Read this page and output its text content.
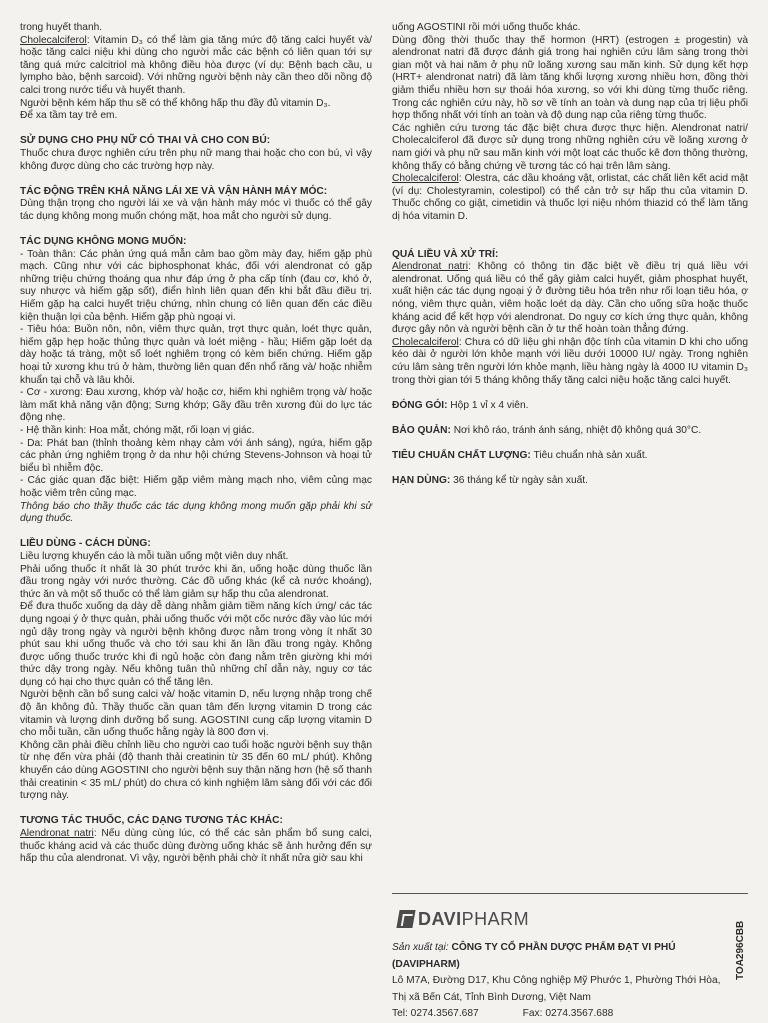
trong huyết thanh.

Cholecalciferol: Vitamin D₃ có thể làm gia tăng mức độ tăng calci huyết và/ hoặc tăng calci niệu khi dùng cho người mắc các bệnh có liên quan tới sự tăng quá mức calcitriol mà không điều hòa được (ví dụ: Bệnh bạch cầu, u lympho bào, bệnh sarcoid). Với những người bệnh này cần theo dõi nồng độ calci trong nước tiểu và huyết thanh.

Người bệnh kém hấp thu sẽ có thể không hấp thu đầy đủ vitamin D₃.

Để xa tầm tay trẻ em.

SỬ DỤNG CHO PHỤ NỮ CÓ THAI VÀ CHO CON BÚ:

Thuốc chưa được nghiên cứu trên phụ nữ mang thai hoặc cho con bú, vì vậy không được dùng cho các trường hợp này.

TÁC ĐỘNG TRÊN KHẢ NĂNG LÁI XE VÀ VẬN HÀNH MÁY MÓC:

Dùng thận trọng cho người lái xe và vận hành máy móc vì thuốc có thể gây tác dụng không mong muốn chóng mặt, hoa mắt cho người sử dụng.

TÁC DỤNG KHÔNG MONG MUỐN:

- Toàn thân: Các phản ứng quá mẫn cảm bao gồm mày đay, hiếm gặp phù mạch. Cũng như với các biphosphonat khác, đối với alendronat có gặp những triệu chứng thoáng qua như đáp ứng ở pha cấp tính (đau cơ, khó ở, suy nhược và hiếm gặp sốt), điển hình liên quan đến khi bắt đầu điều trị. Hiếm gặp hạ calci huyết triệu chứng, nhìn chung có liên quan đến các điều kiện thuận lợi của bệnh. Hiếm gặp phù ngoại vi.

- Tiêu hóa: Buồn nôn, nôn, viêm thực quản, trợt thực quản, loét thực quản, hiếm gặp hẹp hoặc thủng thực quản và loét miệng - hầu; Hiếm gặp loét dạ dày hoặc tá tràng, một số loét nghiêm trọng có kèm biến chứng. Hiếm gặp hoại tử xương khu trú ở hàm, thường liên quan đến nhổ răng và/ hoặc nhiễm khuẩn tại chỗ và lâu khỏi.

- Cơ - xương: Đau xương, khớp và/ hoặc cơ, hiếm khi nghiêm trọng và/ hoặc làm mất khả năng vận động; Sưng khớp; Gãy đầu trên xương đùi do lực tác động nhẹ.

- Hệ thần kinh: Hoa mắt, chóng mặt, rối loạn vị giác.

- Da: Phát ban (thỉnh thoảng kèm nhạy cảm với ánh sáng), ngứa, hiếm gặp các phản ứng nghiêm trọng ở da như hội chứng Stevens-Johnson và hoại tử biểu bì nhiễm độc.

- Các giác quan đặc biệt: Hiếm gặp viêm màng mạch nho, viêm củng mạc hoặc viêm trên củng mạc.

Thông báo cho thầy thuốc các tác dụng không mong muốn gặp phải khi sử dụng thuốc.

LIỀU DÙNG - CÁCH DÙNG:

Liều lượng khuyến cáo là mỗi tuần uống một viên duy nhất.

Phải uống thuốc ít nhất là 30 phút trước khi ăn, uống hoặc dùng thuốc lần đầu trong ngày với nước thường. Các đồ uống khác (kể cả nước khoáng), thức ăn và một số thuốc có thể làm giảm sự hấp thu của alendronat.

Để đưa thuốc xuống dạ dày dễ dàng nhằm giảm tiềm năng kích ứng/ các tác dụng ngoại ý ở thực quản, phải uống thuốc với một cốc nước đầy vào lúc mới ngủ dậy trong ngày và người bệnh không được nằm trong vòng ít nhất 30 phút sau khi uống thuốc và cho tới sau khi ăn lần đầu trong ngày. Không được uống thuốc trước khi đi ngủ hoặc còn đang nằm trên giường khi mới thức dậy trong ngày. Nếu không tuân thủ những chỉ dẫn này, nguy cơ tác dụng có hại cho thực quản có thể tăng lên.

Người bệnh cần bổ sung calci và/ hoặc vitamin D, nếu lượng nhập trong chế độ ăn không đủ. Thầy thuốc cần quan tâm đến lượng vitamin D trong các vitamin và lượng dinh dưỡng bổ sung. AGOSTINI cung cấp lượng vitamin D cho mỗi tuần, cần uống thuốc hằng ngày là 800 đơn vị.

Không cần phải điều chỉnh liều cho người cao tuổi hoặc người bệnh suy thận từ nhẹ đến vừa phải (độ thanh thải creatinin từ 35 đến 60 mL/ phút). Không khuyến cáo dùng AGOSTINI cho người bệnh suy thận nặng hơn (hệ số thanh thải creatinin < 35 mL/ phút) do chưa có kinh nghiệm lâm sàng đối với các đối tượng này.

TƯƠNG TÁC THUỐC, CÁC DẠNG TƯƠNG TÁC KHÁC:

Alendronat natri: Nếu dùng cùng lúc, có thể các sản phẩm bổ sung calci, thuốc kháng acid và các thuốc dùng đường uống khác sẽ ảnh hưởng đến sự hấp thu của alendronat. Vì vậy, người bệnh phải chờ ít nhất nửa giờ sau khi

uống AGOSTINI rồi mới uống thuốc khác.

Dùng đồng thời thuốc thay thế hormon (HRT) (estrogen ± progestin) và alendronat natri đã được đánh giá trong hai nghiên cứu lâm sàng trong thời gian một và hai năm ở phụ nữ loãng xương sau mãn kinh. Sử dụng kết hợp (HRT+ alendronat natri) đã làm tăng khối lượng xương nhiều hơn, đồng thời giảm thiểu nhiều hơn sự thoái hóa xương, so với khi dùng từng thuốc riêng. Trong các nghiên cứu này, hồ sơ về tính an toàn và dung nạp của trị liệu phối hợp thống nhất với tính an toàn và độ dung nạp của riêng từng thuốc.

Các nghiên cứu tương tác đặc biệt chưa được thực hiện. Alendronat natri/ Cholecalciferol đã được sử dụng trong những nghiên cứu về loãng xương ở nam giới và phụ nữ sau mãn kinh với một loạt các thuốc kê đơn thông thường, không thấy có bằng chứng về tương tác có hại trên lâm sàng.

Cholecalciferol: Olestra, các dầu khoáng vật, orlistat, các chất liên kết acid mật (ví dụ: Cholestyramin, colestipol) có thể cản trở sự hấp thu của vitamin D. Thuốc chống co giật, cimetidin và thuốc lợi niệu nhóm thiazid có thể làm tăng dị hóa vitamin D.

QUÁ LIỀU VÀ XỬ TRÍ:

Alendronat natri: Không có thông tin đặc biệt về điều trị quá liều với alendronat. Uống quá liều có thể gây giảm calci huyết, giảm phosphat huyết, xuất hiện các tác dụng ngoại ý ở đường tiêu hóa trên như rối loạn tiêu hóa, ợ nóng, viêm thực quản, viêm hoặc loét dạ dày. Cần cho uống sữa hoặc thuốc kháng acid để kết hợp với alendronat. Do nguy cơ kích ứng thực quản, không được gây nôn và người bệnh cần ở tư thế hoàn toàn thẳng đứng.

Cholecalciferol: Chưa có dữ liệu ghi nhận độc tính của vitamin D khi cho uống kéo dài ở người lớn khỏe mạnh với liều dưới 10000 IU/ ngày. Trong nghiên cứu lâm sàng trên người lớn khỏe mạnh, liều hàng ngày là 4000 IU vitamin D₃ trong thời gian tới 5 tháng không thấy tăng calci niệu hoặc tăng calci huyết.

ĐÓNG GÓI: Hộp 1 vỉ x 4 viên.

BẢO QUẢN: Nơi khô ráo, tránh ánh sáng, nhiệt độ không quá 30°C.

TIÊU CHUẨN CHẤT LƯỢNG: Tiêu chuẩn nhà sản xuất.

HẠN DÙNG: 36 tháng kể từ ngày sản xuất.

DAVIPHARM
Sản xuất tại: CÔNG TY CỔ PHẦN DƯỢC PHẨM ĐẠT VI PHÚ (DAVIPHARM)
Lô M7A, Đường D17, Khu Công nghiệp Mỹ Phước 1, Phường Thới Hòa,
Thị xã Bến Cát, Tỉnh Bình Dương, Việt Nam
Tel: 0274.3567.687	Fax: 0274.3567.688
TOA296CBB
